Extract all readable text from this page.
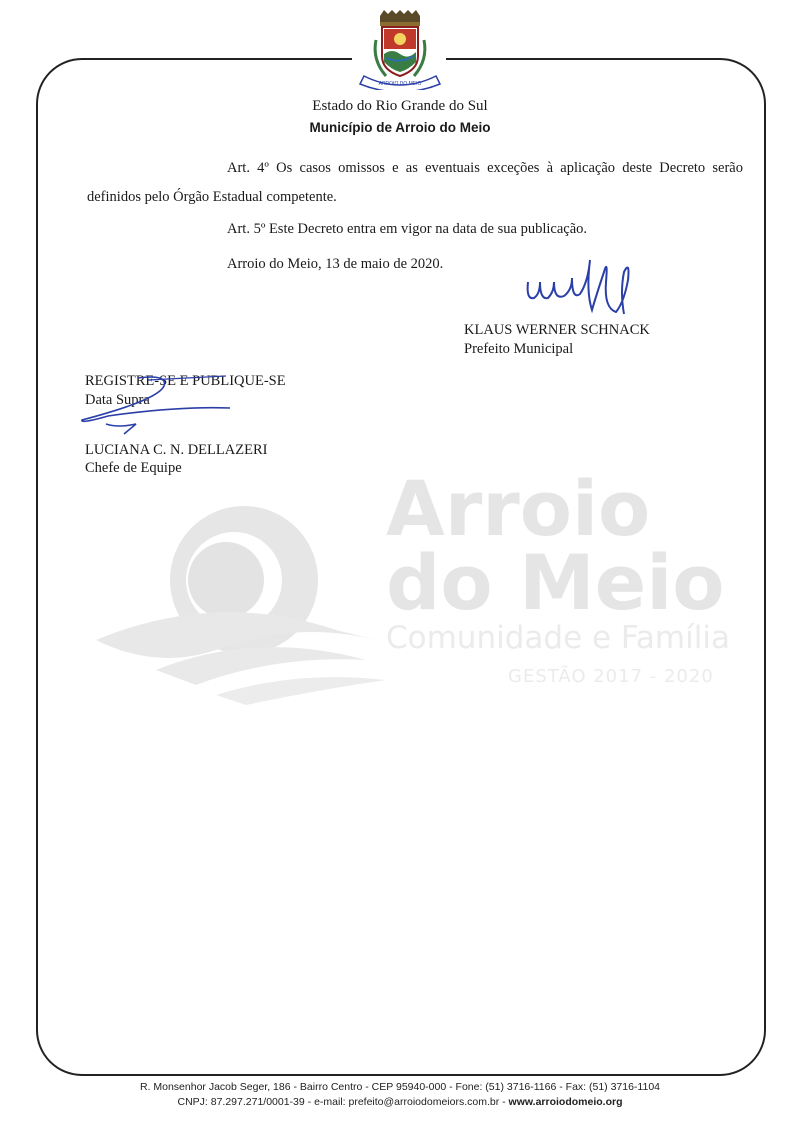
ARROIO DO MEIO
Estado do Rio Grande do Sul
Município de Arroio do Meio
Arroio
do Meio
Comunidade e Família
GESTÃO 2017 - 2020
Art. 4º Os casos omissos e as eventuais exceções à aplicação deste Decreto serão definidos pelo Órgão Estadual competente.
Art. 5º Este Decreto entra em vigor na data de sua publicação.
Arroio do Meio, 13 de maio de 2020.
KLAUS WERNER SCHNACK
Prefeito Municipal
REGISTRE-SE E PUBLIQUE-SE
Data Supra
LUCIANA C. N. DELLAZERI
Chefe de Equipe
R. Monsenhor Jacob Seger, 186 - Bairro Centro - CEP 95940-000 - Fone: (51) 3716-1166 - Fax: (51) 3716-1104
CNPJ: 87.297.271/0001-39 - e-mail: prefeito@arroiodomeiors.com.br - www.arroiodomeio.org
